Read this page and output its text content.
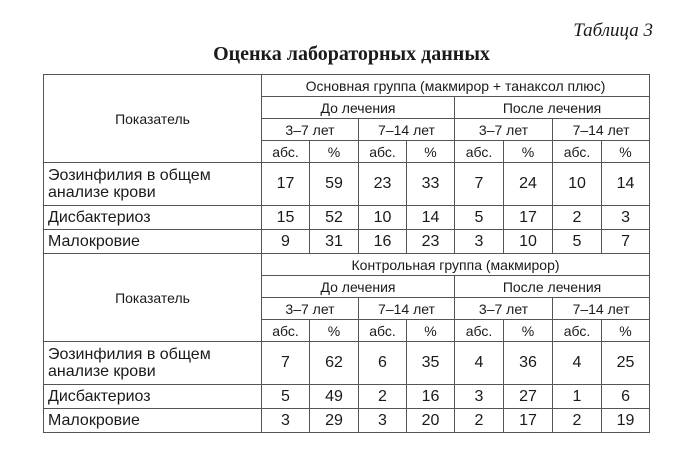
Таблица 3
Оценка лабораторных данных
Показатель	Основная группа (макмирор + танаксол плюс)							
	До лечения				После лечения			
	3–7 лет		7–14 лет		3–7 лет		7–14 лет	
	абс.	%	абс.	%	абс.	%	абс.	%
Эозинфилия в общем анализе крови	17	59	23	33	7	24	10	14
Дисбактериоз	15	52	10	14	5	17	2	3
Малокровие	9	31	16	23	3	10	5	7
Показатель	Контрольная группа (макмирор)							
	До лечения				После лечения			
	3–7 лет		7–14 лет		3–7 лет		7–14 лет	
	абс.	%	абс.	%	абс.	%	абс.	%
Эозинфилия в общем анализе крови	7	62	6	35	4	36	4	25
Дисбактериоз	5	49	2	16	3	27	1	6
Малокровие	3	29	3	20	2	17	2	19
